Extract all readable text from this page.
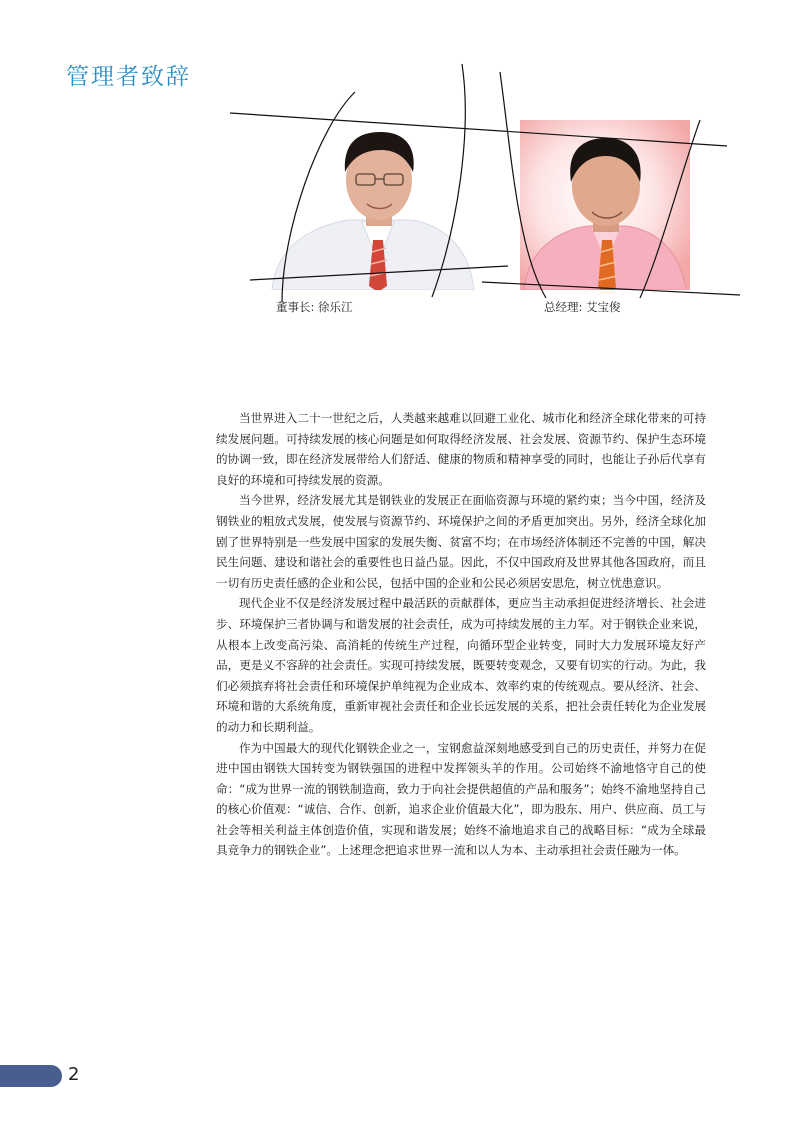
管理者致辞
董事长: 徐乐江	总经理: 艾宝俊

当世界进入二十一世纪之后，人类越来越难以回避工业化、城市化和经济全球化带来的可持续发展问题。可持续发展的核心问题是如何取得经济发展、社会发展、资源节约、保护生态环境的协调一致，即在经济发展带给人们舒适、健康的物质和精神享受的同时，也能让子孙后代享有良好的环境和可持续发展的资源。

当今世界，经济发展尤其是钢铁业的发展正在面临资源与环境的紧约束；当今中国，经济及钢铁业的粗放式发展，使发展与资源节约、环境保护之间的矛盾更加突出。另外，经济全球化加剧了世界特别是一些发展中国家的发展失衡、贫富不均；在市场经济体制还不完善的中国，解决民生问题、建设和谐社会的重要性也日益凸显。因此，不仅中国政府及世界其他各国政府，而且一切有历史责任感的企业和公民，包括中国的企业和公民必须居安思危，树立忧患意识。

现代企业不仅是经济发展过程中最活跃的贡献群体，更应当主动承担促进经济增长、社会进步、环境保护三者协调与和谐发展的社会责任，成为可持续发展的主力军。对于钢铁企业来说，从根本上改变高污染、高消耗的传统生产过程，向循环型企业转变，同时大力发展环境友好产品，更是义不容辞的社会责任。实现可持续发展，既要转变观念，又要有切实的行动。为此，我们必须摈弃将社会责任和环境保护单纯视为企业成本、效率约束的传统观点。要从经济、社会、环境和谐的大系统角度，重新审视社会责任和企业长远发展的关系，把社会责任转化为企业发展的动力和长期利益。

作为中国最大的现代化钢铁企业之一，宝钢愈益深刻地感受到自己的历史责任，并努力在促进中国由钢铁大国转变为钢铁强国的进程中发挥领头羊的作用。公司始终不渝地恪守自己的使命：“成为世界一流的钢铁制造商，致力于向社会提供超值的产品和服务”；始终不渝地坚持自己的核心价值观：“诚信、合作、创新，追求企业价值最大化”，即为股东、用户、供应商、员工与社会等相关利益主体创造价值，实现和谐发展；始终不渝地追求自己的战略目标：“成为全球最具竞争力的钢铁企业”。上述理念把追求世界一流和以人为本、主动承担社会责任融为一体。

2
